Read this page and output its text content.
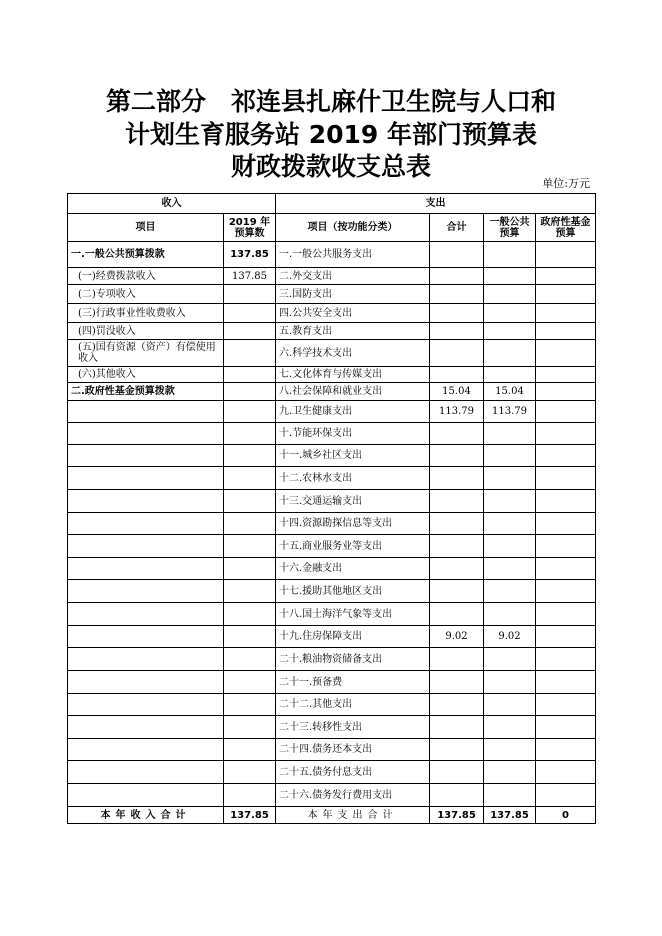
第二部分　祁连县扎麻什卫生院与人口和
计划生育服务站 2019 年部门预算表
财政拨款收支总表
单位:万元
收入		支出			
项目	2019 年预算数	项目（按功能分类）	合计	一般公共预算	政府性基金预算
一.一般公共预算拨款	137.85	一.一般公共服务支出			
(一)经费拨款收入	137.85	二.外交支出			
(二)专项收入		三.国防支出			
(三)行政事业性收费收入		四.公共安全支出			
(四)罚没收入		五.教育支出			
(五)国有资源（资产）有偿使用收入		六.科学技术支出			
(六)其他收入		七.文化体育与传媒支出			
二.政府性基金预算拨款		八.社会保障和就业支出	15.04	15.04	
		九.卫生健康支出	113.79	113.79	
		十.节能环保支出			
		十一.城乡社区支出			
		十二.农林水支出			
		十三.交通运输支出			
		十四.资源勘探信息等支出			
		十五.商业服务业等支出			
		十六.金融支出			
		十七.援助其他地区支出			
		十八.国土海洋气象等支出			
		十九.住房保障支出	9.02	9.02	
		二十.粮油物资储备支出			
		二十一.预备费			
		二十二.其他支出			
		二十三.转移性支出			
		二十四.债务还本支出			
		二十五.债务付息支出			
		二十六.债务发行费用支出			
本年收入合计	137.85	本年支出合计	137.85	137.85	0
